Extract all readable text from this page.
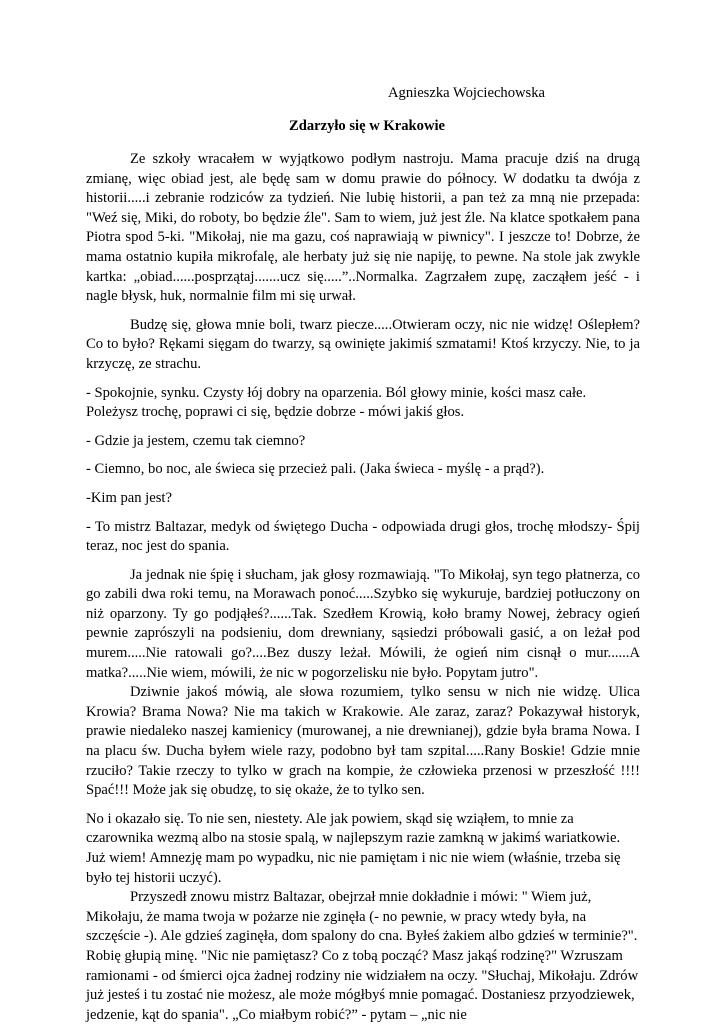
Agnieszka Wojciechowska

Zdarzyło się w Krakowie

Ze szkoły wracałem w wyjątkowo podłym nastroju. Mama pracuje dziś na drugą zmianę, więc obiad jest, ale będę sam w domu prawie do północy. W dodatku ta dwója z historii.....i zebranie rodziców za tydzień. Nie lubię historii, a pan też za mną nie przepada: "Weź się, Miki, do roboty, bo będzie źle". Sam to wiem, już jest źle. Na klatce spotkałem pana Piotra spod 5-ki. "Mikołaj, nie ma gazu, coś naprawiają w piwnicy". I jeszcze to! Dobrze, że mama ostatnio kupiła mikrofalę, ale herbaty już się nie napiję, to pewne. Na stole jak zwykle kartka: „obiad......posprzątaj.......ucz się.....”..Normalka. Zagrzałem zupę, zacząłem jeść - i nagle błysk, huk, normalnie film mi się urwał.

Budzę się, głowa mnie boli, twarz piecze.....Otwieram oczy, nic nie widzę! Oślepłem? Co to było? Rękami sięgam do twarzy, są owinięte jakimiś szmatami! Ktoś krzyczy. Nie, to ja krzyczę, ze strachu.

- Spokojnie, synku. Czysty łój dobry na oparzenia. Ból głowy minie, kości masz całe. Poleżysz trochę, poprawi ci się, będzie dobrze - mówi jakiś głos.

- Gdzie ja jestem, czemu tak ciemno?

- Ciemno, bo noc, ale świeca się przecież pali. (Jaka świeca - myślę - a prąd?).

-Kim pan jest?

- To mistrz Baltazar, medyk od świętego Ducha - odpowiada drugi głos, trochę młodszy- Śpij teraz, noc jest do spania.

Ja jednak nie śpię i słucham, jak głosy rozmawiają. "To Mikołaj, syn tego płatnerza, co go zabili dwa roki temu, na Morawach ponoć.....Szybko się wykuruje, bardziej potłuczony on niż oparzony. Ty go podjąłeś?......Tak. Szedłem Krowią, koło bramy Nowej, żebracy ogień pewnie zaprószyli na podsieniu, dom drewniany, sąsiedzi próbowali gasić, a on leżał pod murem.....Nie ratowali go?....Bez duszy leżał. Mówili, że ogień nim cisnął o mur......A matka?.....Nie wiem, mówili, że nic w pogorzelisku nie było. Popytam jutro".

Dziwnie jakoś mówią, ale słowa rozumiem, tylko sensu w nich nie widzę. Ulica Krowia? Brama Nowa? Nie ma takich w Krakowie. Ale zaraz, zaraz? Pokazywał historyk, prawie niedaleko naszej kamienicy (murowanej, a nie drewnianej), gdzie była brama Nowa. I na placu św. Ducha byłem wiele razy, podobno był tam szpital.....Rany Boskie! Gdzie mnie rzuciło? Takie rzeczy to tylko w grach na kompie, że człowieka przenosi w przeszłość !!!! Spać!!! Może jak się obudzę, to się okaże, że to tylko sen.

No i okazało się. To nie sen, niestety. Ale jak powiem, skąd się wziąłem, to mnie za czarownika wezmą albo na stosie spalą, w najlepszym razie zamkną w jakimś wariatkowie. Już wiem! Amnezję mam po wypadku, nic nie pamiętam i nic nie wiem (właśnie, trzeba się było tej historii uczyć).

Przyszedł znowu mistrz Baltazar, obejrzał mnie dokładnie i mówi: " Wiem już, Mikołaju, że mama twoja w pożarze nie zginęła (- no pewnie, w pracy wtedy była, na szczęście -). Ale gdzieś zaginęła, dom spalony do cna. Byłeś żakiem albo gdzieś w terminie?". Robię głupią minę. "Nic nie pamiętasz? Co z tobą począć? Masz jakąś rodzinę?" Wzruszam ramionami - od śmierci ojca żadnej rodziny nie widziałem na oczy. "Słuchaj, Mikołaju. Zdrów już jesteś i tu zostać nie możesz, ale może mógłbyś mnie pomagać. Dostaniesz przyodziewek, jedzenie, kąt do spania". „Co miałbym robić?” - pytam – „nic nie
